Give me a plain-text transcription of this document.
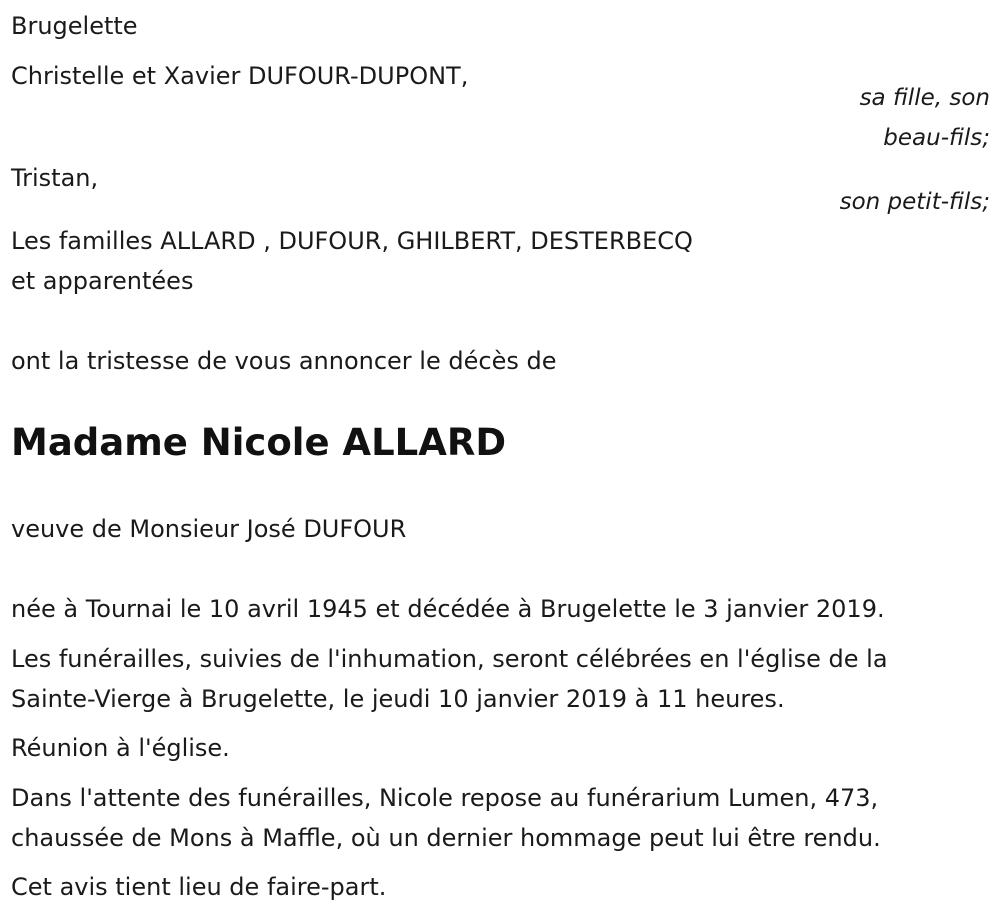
Brugelette
Christelle et Xavier DUFOUR-DUPONT,
sa fille, son
beau-fils;
Tristan,
son petit-fils;
Les familles ALLARD , DUFOUR, GHILBERT, DESTERBECQ
et apparentées
ont la tristesse de vous annoncer le décès de
Madame Nicole ALLARD
veuve de Monsieur José DUFOUR
née à Tournai le 10 avril 1945 et décédée à Brugelette le 3 janvier 2019.
Les funérailles, suivies de l'inhumation, seront célébrées en l'église de la
Sainte-Vierge à Brugelette, le jeudi 10 janvier 2019 à 11 heures.
Réunion à l'église.
Dans l'attente des funérailles, Nicole repose au funérarium Lumen, 473,
chaussée de Mons à Maffle, où un dernier hommage peut lui être rendu.
Cet avis tient lieu de faire-part.
